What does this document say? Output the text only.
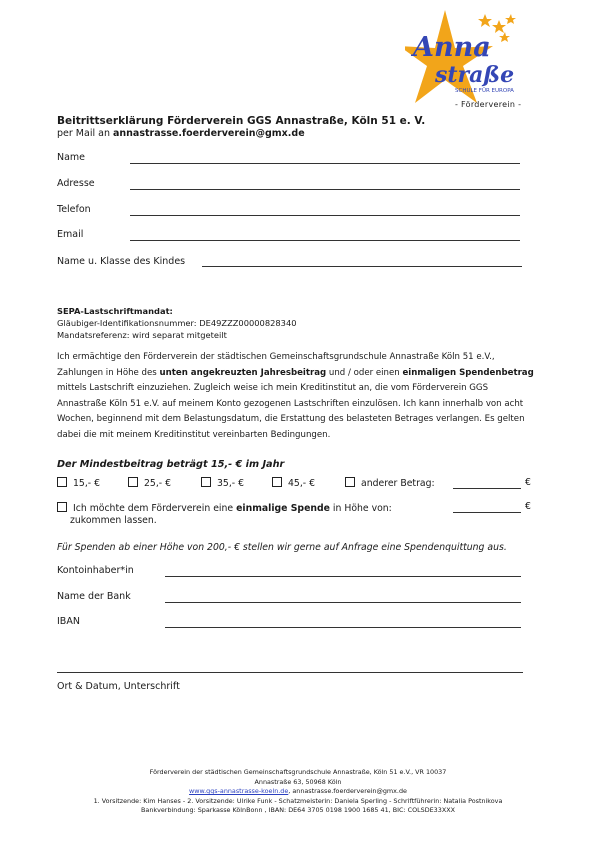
Anna
straße
SCHULE FÜR EUROPA
- Förderverein -
Beitrittserklärung Förderverein GGS Annastraße, Köln 51 e. V.
per Mail an annastrasse.foerderverein@gmx.de
Name
Adresse
Telefon
Email
Name u. Klasse des Kindes
SEPA-Lastschriftmandat:
Gläubiger-Identifikationsnummer: DE49ZZZ00000828340
Mandatsreferenz: wird separat mitgeteilt
Ich ermächtige den Förderverein der städtischen Gemeinschaftsgrundschule Annastraße Köln 51 e.V., Zahlungen in Höhe des unten angekreuzten Jahresbeitrag und / oder einen einmaligen Spendenbetrag mittels Lastschrift einzuziehen. Zugleich weise ich mein Kreditinstitut an, die vom Förderverein GGS Annastraße Köln 51 e.V. auf meinem Konto gezogenen Lastschriften einzulösen. Ich kann innerhalb von acht Wochen, beginnend mit dem Belastungsdatum, die Erstattung des belasteten Betrages verlangen. Es gelten dabei die mit meinem Kreditinstitut vereinbarten Bedingungen.
Der Mindestbeitrag beträgt 15,- € im Jahr
15,- €	25,- €	35,- €	45,- €	anderer Betrag:	€
Ich möchte dem Förderverein eine einmalige Spende in Höhe von:
zukommen lassen.
€
Für Spenden ab einer Höhe von 200,- € stellen wir gerne auf Anfrage eine Spendenquittung aus.
Kontoinhaber*in
Name der Bank
IBAN
Ort & Datum, Unterschrift
Förderverein der städtischen Gemeinschaftsgrundschule Annastraße, Köln 51 e.V., VR 10037
Annastraße 63, 50968 Köln
www.ggs-annastrasse-koeln.de, annastrasse.foerderverein@gmx.de
1. Vorsitzende: Kim Hanses - 2. Vorsitzende: Ulrike Funk - Schatzmeisterin: Daniela Sperling - Schriftführerin: Natalia Postnikova
Bankverbindung: Sparkasse KölnBonn , IBAN: DE64 3705 0198 1900 1685 41, BIC: COLSDE33XXX
